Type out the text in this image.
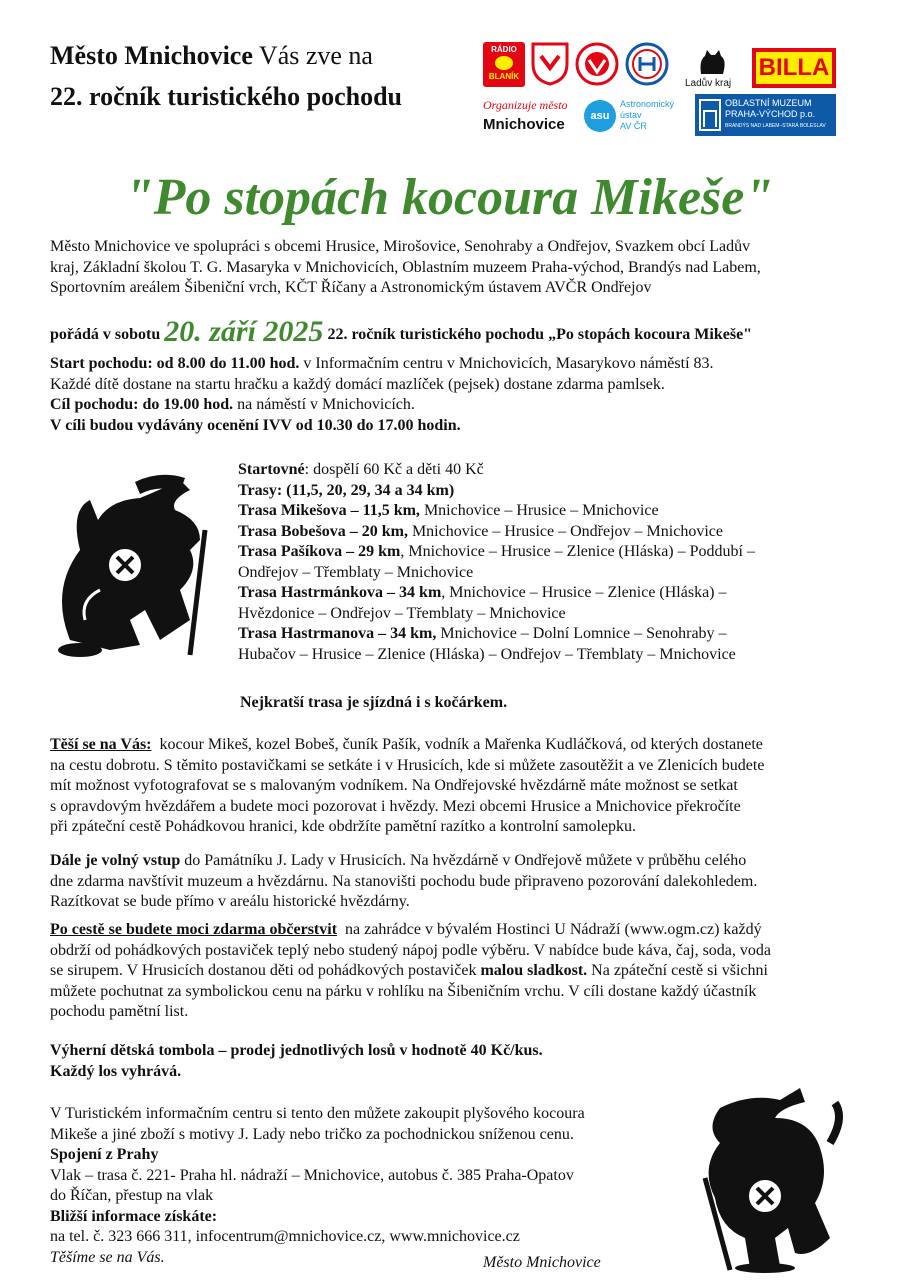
Město Mnichovice Vás zve na
22. ročník turistického pochodu
RÁDIO
BLANÍK
Ladův kraj
BILLA
Organizuje město
Mnichovice	asu
Astronomický
ústav
AV ČR
OBLASTNÍ MUZEUM
PRAHA-VÝCHOD p.o.
BRANDÝS NAD LABEM–STARÁ BOLESLAV
"Po stopách kocoura Mikeše"
Město Mnichovice ve spolupráci s obcemi Hrusice, Mirošovice, Senohraby a Ondřejov, Svazkem obcí Ladův
kraj, Základní školou T. G. Masaryka v Mnichovicích, Oblastním muzeem Praha-východ, Brandýs nad Labem,
Sportovním areálem Šibeniční vrch, KČT Říčany a Astronomickým ústavem AVČR Ondřejov
pořádá v sobotu 20. září 2025 22. ročník turistického pochodu „Po stopách kocoura Mikeše"
Start pochodu: od 8.00 do 11.00 hod. v Informačním centru v Mnichovicích, Masarykovo náměstí 83.
Každé dítě dostane na startu hračku a každý domácí mazlíček (pejsek) dostane zdarma pamlsek.
Cíl pochodu: do 19.00 hod. na náměstí v Mnichovicích.
V cíli budou vydávány ocenění IVV od 10.30 do 17.00 hodin.
Startovné: dospělí 60 Kč a děti 40 Kč
Trasy: (11,5, 20, 29, 34 a 34 km)
Trasa Mikešova – 11,5 km, Mnichovice – Hrusice – Mnichovice
Trasa Bobešova – 20 km, Mnichovice – Hrusice – Ondřejov – Mnichovice
Trasa Pašíkova – 29 km, Mnichovice – Hrusice – Zlenice (Hláska) – Poddubí –
Ondřejov – Třemblaty – Mnichovice
Trasa Hastrmánkova – 34 km, Mnichovice – Hrusice – Zlenice (Hláska) –
Hvězdonice – Ondřejov – Třemblaty – Mnichovice
Trasa Hastrmanova – 34 km, Mnichovice – Dolní Lomnice – Senohraby –
Hubačov – Hrusice – Zlenice (Hláska) – Ondřejov – Třemblaty – Mnichovice
Nejkratší trasa je sjízdná i s kočárkem.
Těší se na Vás: kocour Mikeš, kozel Bobeš, čuník Pašík, vodník a Mařenka Kudláčková, od kterých dostanete
na cestu dobrotu. S těmito postavičkami se setkáte i v Hrusicích, kde si můžete zasoutěžit a ve Zlenicích budete
mít možnost vyfotografovat se s malovaným vodníkem. Na Ondřejovské hvězdárně máte možnost se setkat
s opravdovým hvězdářem a budete moci pozorovat i hvězdy. Mezi obcemi Hrusice a Mnichovice překročíte
při zpáteční cestě Pohádkovou hranici, kde obdržíte pamětní razítko a kontrolní samolepku.
Dále je volný vstup do Památníku J. Lady v Hrusicích. Na hvězdárně v Ondřejově můžete v průběhu celého
dne zdarma navštívit muzeum a hvězdárnu. Na stanovišti pochodu bude připraveno pozorování dalekohledem.
Razítkovat se bude přímo v areálu historické hvězdárny.
Po cestě se budete moci zdarma občerstvit na zahrádce v bývalém Hostinci U Nádraží (www.ogm.cz) každý
obdrží od pohádkových postaviček teplý nebo studený nápoj podle výběru. V nabídce bude káva, čaj, soda, voda
se sirupem. V Hrusicích dostanou děti od pohádkových postaviček malou sladkost. Na zpáteční cestě si všichni
můžete pochutnat za symbolickou cenu na párku v rohlíku na Šibeničním vrchu. V cíli dostane každý účastník
pochodu pamětní list.
Výherní dětská tombola – prodej jednotlivých losů v hodnotě 40 Kč/kus.
Každý los vyhrává.
V Turistickém informačním centru si tento den můžete zakoupit plyšového kocoura
Mikeše a jiné zboží s motivy J. Lady nebo tričko za pochodnickou sníženou cenu.
Spojení z Prahy
Vlak – trasa č. 221- Praha hl. nádraží – Mnichovice, autobus č. 385 Praha-Opatov
do Říčan, přestup na vlak
Bližší informace získáte:
na tel. č. 323 666 311, infocentrum@mnichovice.cz, www.mnichovice.cz
Těšíme se na Vás.	Město Mnichovice
